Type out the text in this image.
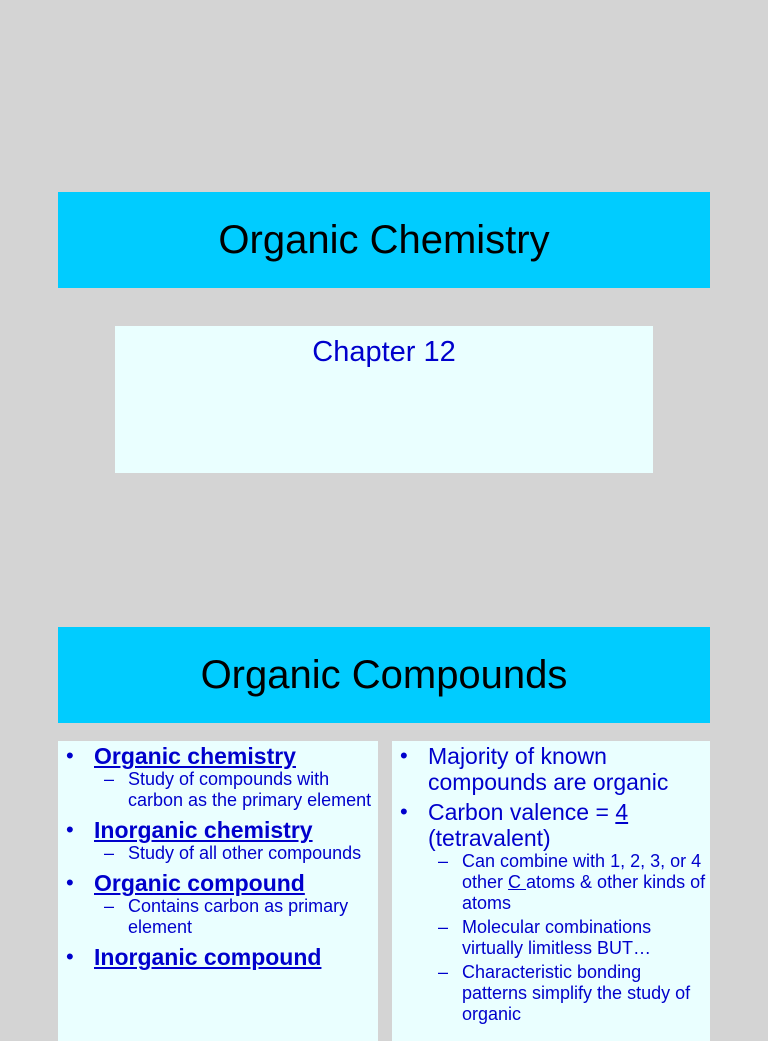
Organic Chemistry
Chapter 12
Organic Compounds
• Organic chemistry
– Study of compounds with carbon as the primary element
• Inorganic chemistry
– Study of all other compounds
• Organic compound
– Contains carbon as primary element
• Inorganic compound
• Majority of known compounds are organic
• Carbon valence = 4
(tetravalent)
– Can combine with 1, 2, 3, or 4 other C atoms & other kinds of atoms
– Molecular combinations virtually limitless BUT…
– Characteristic bonding patterns simplify the study of organic
